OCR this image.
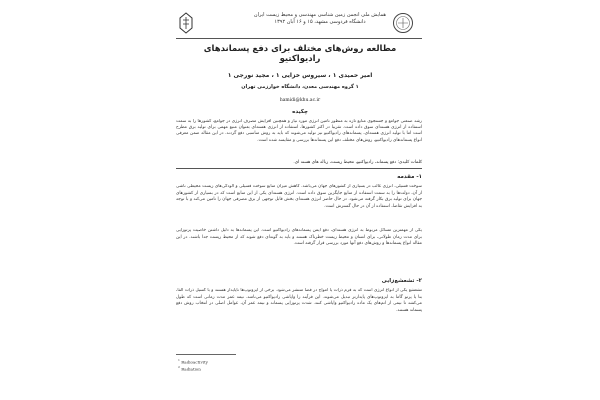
همایش ملی انجمن زمین شناسی مهندسی و محیط زیست ایران
دانشگاه فردوسی مشهد، ۱۵ و ۱۶ آبان ۱۳۹۲
مطالعه روش‌های مختلف برای دفع پسماندهای رادیواکتیو
امیر حمیدی ۱ ، سیروس خزایی ۱ ، مجید نورجی ۱
۱ گروه مهندسی معدن، دانشگاه خوارزمی تهران
hamidi@khu.ac.ir
چکیده
رشد صنعتی جوامع و جستجوی منابع تازه به منظور تامین انرژی مورد نیاز و همچنین افزایش مصرف انرژی در جوامع، کشورها را به سمت استفاده از انرژی هسته‌ای سوق داده است. تقریبا در اکثر کشورها، استفاده از انرژی هسته‌ای بعنوان منبع مهمی برای تولید برق مطرح است اما با تولید انرژی هسته‌ای، پسماندهای رادیواکتیو نیز تولید می‌شوند که باید به روش مناسبی دفع گردند. در این مقاله ضمن معرفی انواع پسماندهای رادیواکتیو، روش‌های مختلف دفع این پسماندها بررسی و مقایسه شده است.
کلمات کلیدی: دفع پسماند، رادیواکتیو، محیط زیست، زباله های هسته ای.
۱- مقدمه
سوخت فسیلی، انرژی غالب در بسیاری از کشورهای جهان می‌باشد. کاهش میزان منابع سوخت فسیلی و آلودگی‌های زیست محیطی ناشی از آن، دولت‌ها را به سمت استفاده از منابع جایگزین سوق داده است. انرژی هسته‌ای یکی از این منابع است که در بسیاری از کشورهای جهان برای تولید برق بکار گرفته می‌شود. در حال حاضر انرژی هسته‌ای بخش قابل توجهی از برق مصرفی جهان را تامین می‌کند و با توجه به افزایش تقاضا، استفاده از آن در حال گسترش است.
یکی از مهمترین مسائل مربوط به انرژی هسته‌ای، دفع ایمن پسماندهای رادیواکتیو است. این پسماندها به دلیل داشتن خاصیت پرتوزایی برای مدت زمان طولانی، برای انسان و محیط زیست خطرناک هستند و باید به گونه‌ای دفع شوند که از محیط زیست جدا باشند. در این مقاله انواع پسماندها و روش‌های دفع آنها مورد بررسی قرار گرفته است.
۲- تشعشع‌زایی
تشعشع یکی از انواع انرژی است که به فرم ذرات یا امواج در فضا منتشر می‌شود. برخی از ایزوتوپ‌ها ناپایدار هستند و با گسیل ذرات آلفا، بتا یا پرتو گاما به ایزوتوپ‌های پایدارتر تبدیل می‌شوند. این فرآیند را واپاشی رادیواکتیو می‌نامند. نیمه عمر مدت زمانی است که طول می‌کشد تا نیمی از اتم‌های یک ماده رادیواکتیو واپاشی کنند. شدت پرتوزایی پسماند و نیمه عمر آن، عوامل اصلی در انتخاب روش دفع پسماند هستند.
$^1$ Radioactivity
$^2$ Radiation
